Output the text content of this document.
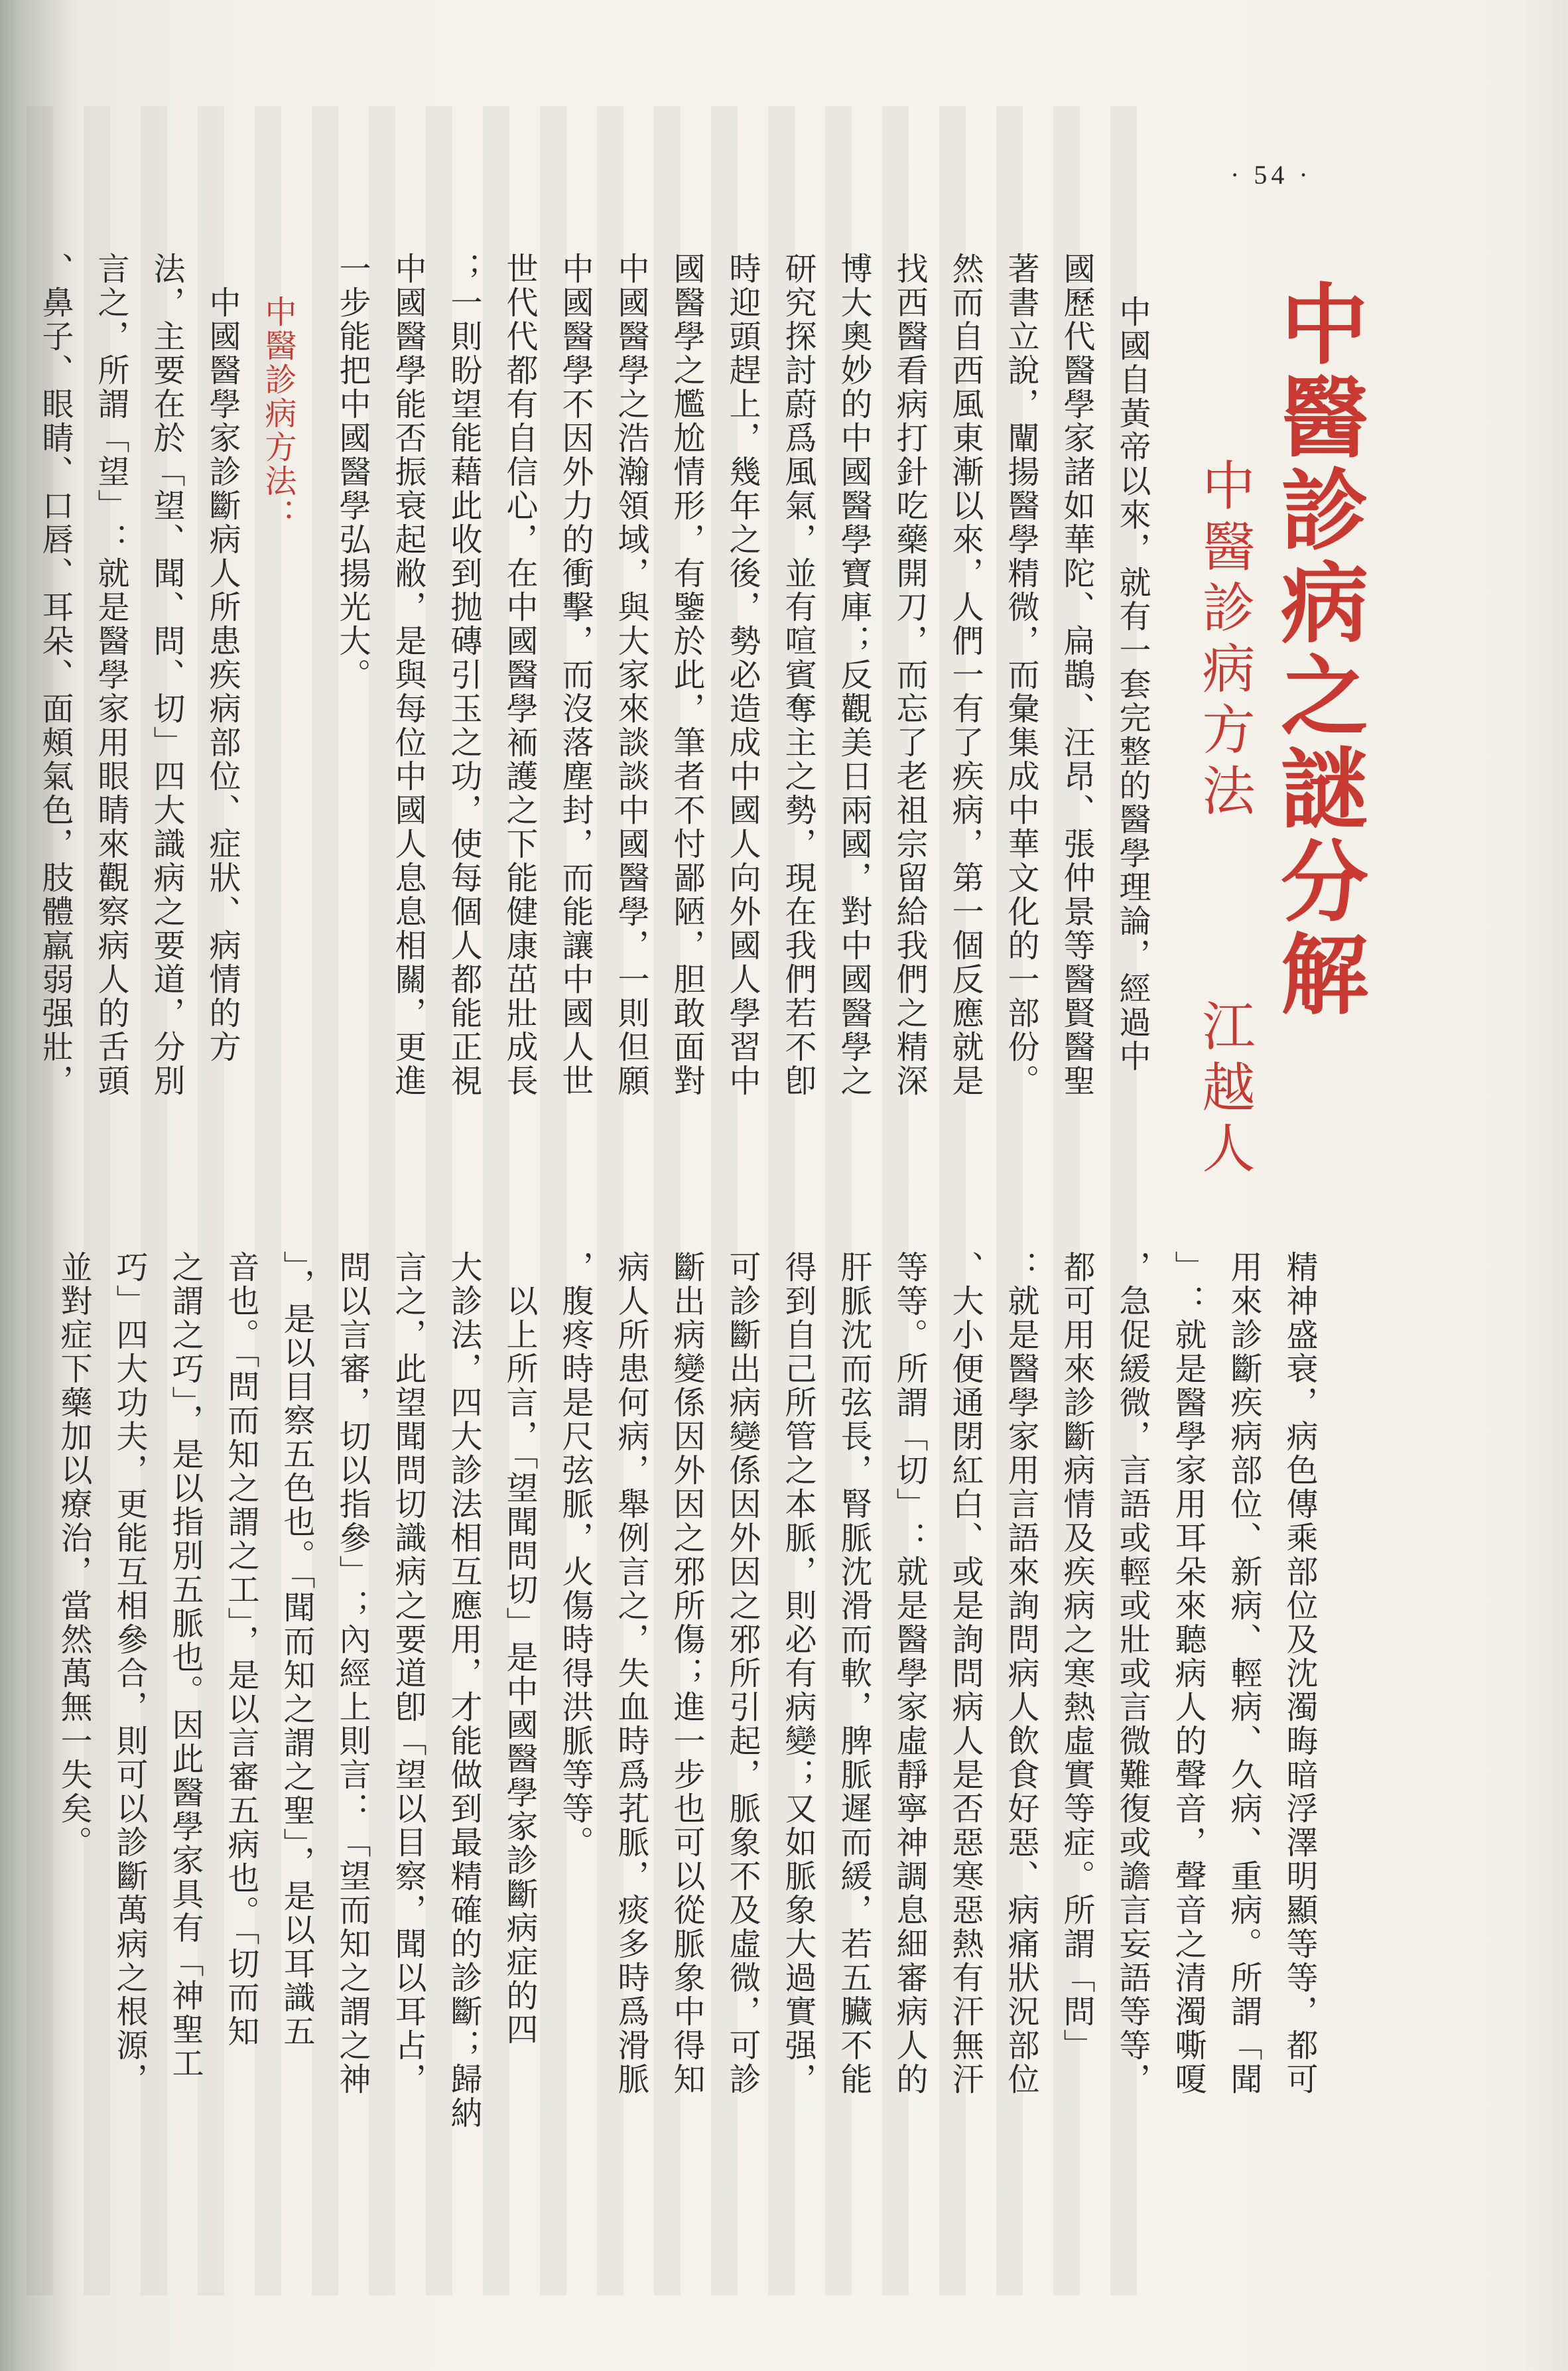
· 54 ·
中醫診病之謎分解
中醫診病方法
江越人
中國自黃帝以來，就有一套完整的醫學理論，經過中
國歷代醫學家諸如華陀、扁鵲、汪昂、張仲景等醫賢醫聖
著書立說，闡揚醫學精微，而彙集成中華文化的一部份。
然而自西風東漸以來，人們一有了疾病，第一個反應就是
找西醫看病打針吃藥開刀，而忘了老祖宗留給我們之精深
博大奧妙的中國醫學寶庫；反觀美日兩國，對中國醫學之
研究探討蔚爲風氣，並有喧賓奪主之勢，現在我們若不卽
時迎頭趕上，幾年之後，勢必造成中國人向外國人學習中
國醫學之尷尬情形，有鑒於此，筆者不忖鄙陋，胆敢面對
中國醫學之浩瀚領域，與大家來談談中國醫學，一則但願
中國醫學不因外力的衝擊，而沒落塵封，而能讓中國人世
世代代都有自信心，在中國醫學袻護之下能健康茁壯成長
；一則盼望能藉此收到抛磚引玉之功，使每個人都能正視
中國醫學能否振衰起敝，是與每位中國人息息相關，更進
一步能把中國醫學弘揚光大。
中醫診病方法：
　中國醫學家診斷病人所患疾病部位、症狀、病情的方
法，主要在於「望、聞、問、切」四大識病之要道，分別
言之，所謂「望」：就是醫學家用眼睛來觀察病人的舌頭
、鼻子、眼睛、口唇、耳朵、面頰氣色，肢體羸弱强壯，
精神盛衰，病色傳乘部位及沈濁晦暗浮澤明顯等等，都可
用來診斷疾病部位、新病、輕病、久病、重病。所謂「聞
」：就是醫學家用耳朵來聽病人的聲音，聲音之清濁嘶嗄
，急促緩微，言語或輕或壯或言微難復或譫言妄語等等，
都可用來診斷病情及疾病之寒熱虛實等症。所謂「問」
：就是醫學家用言語來詢問病人飲食好惡、病痛狀況部位
、大小便通閉紅白、或是詢問病人是否惡寒惡熱有汗無汗
等等。所謂「切」：就是醫學家虛靜寧神調息細審病人的
肝脈沈而弦長，腎脈沈滑而軟，脾脈遲而緩，若五臟不能
得到自己所管之本脈，則必有病變；又如脈象大過實强，
可診斷出病變係因外因之邪所引起，脈象不及虛微，可診
斷出病變係因外因之邪所傷；進一步也可以從脈象中得知
病人所患何病，舉例言之，失血時爲芤脈，痰多時爲滑脈
，腹疼時是尺弦脈，火傷時得洪脈等等。
　以上所言，「望聞問切」是中國醫學家診斷病症的四
大診法，四大診法相互應用，才能做到最精確的診斷；歸納
言之，此望聞問切識病之要道卽「望以目察，聞以耳占，
問以言審，切以指參」；內經上則言：「望而知之謂之神
」，是以目察五色也。「聞而知之謂之聖」，是以耳識五
音也。「問而知之謂之工」，是以言審五病也。「切而知
之謂之巧」，是以指別五脈也。因此醫學家具有「神聖工
巧」四大功夫，更能互相參合，則可以診斷萬病之根源，
並對症下藥加以療治，當然萬無一失矣。
